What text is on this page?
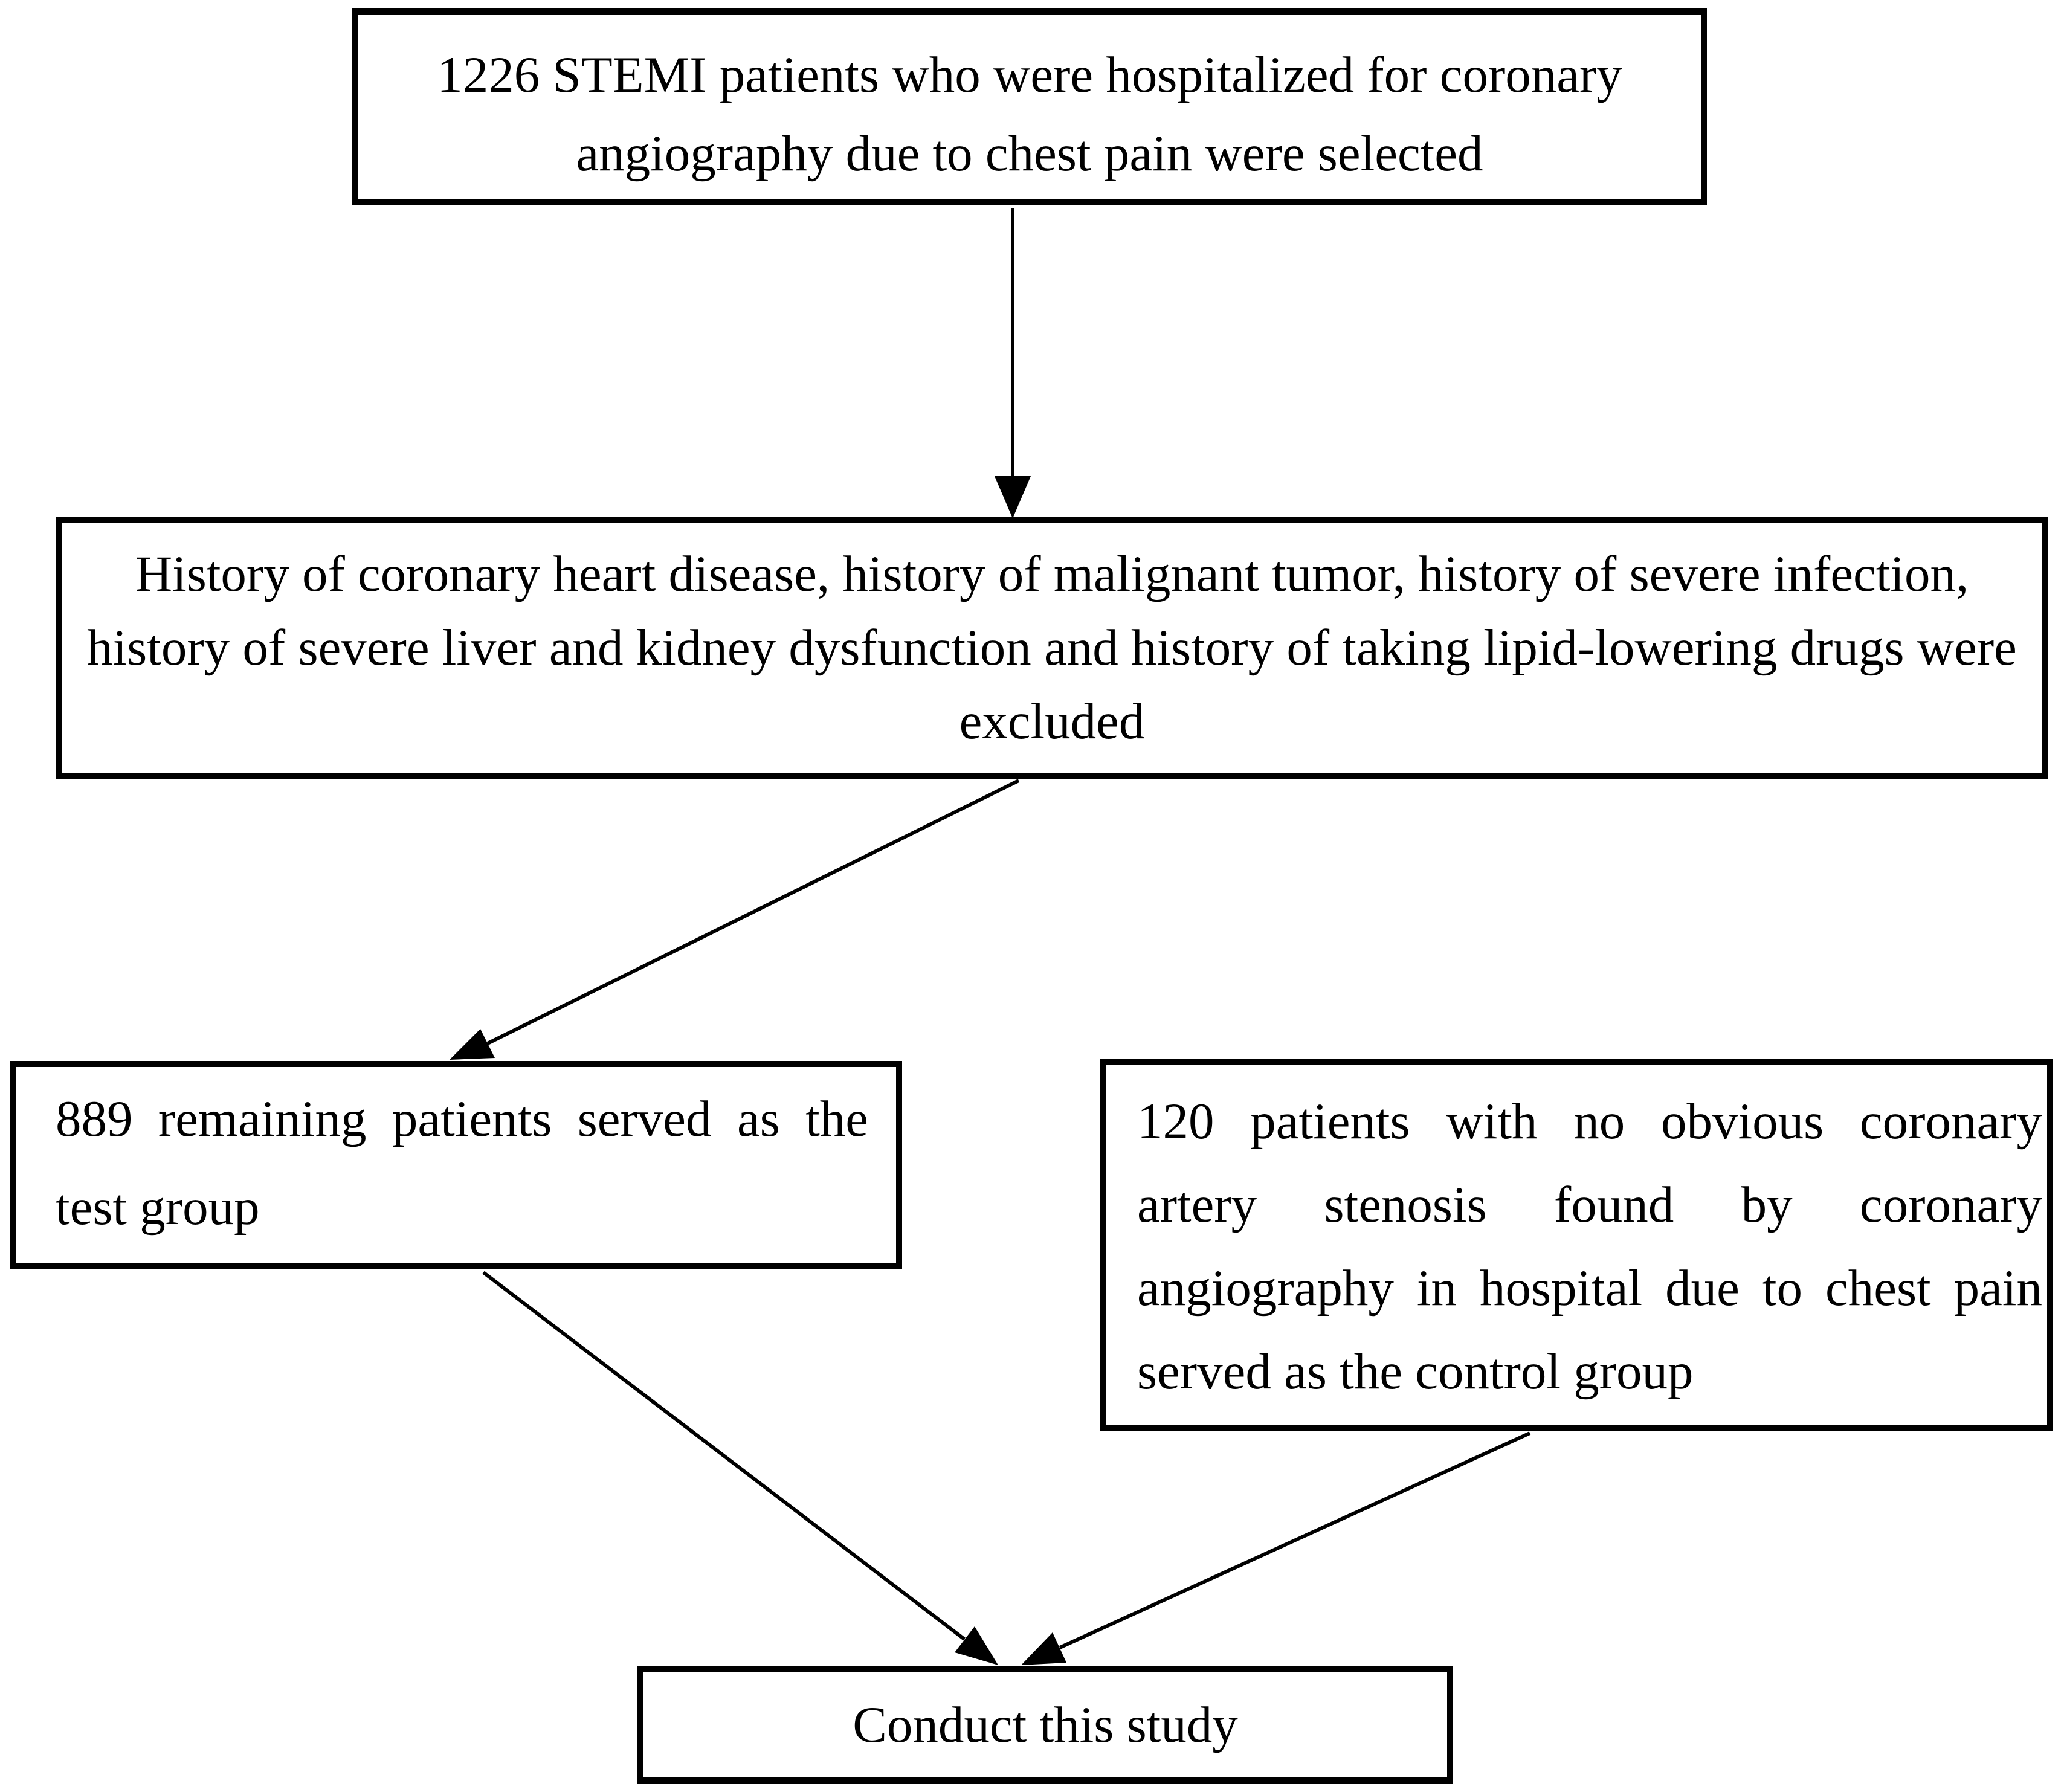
1226 STEMI patients who were hospitalized for coronary
angiography due to chest pain were selected
History of coronary heart disease, history of malignant tumor, history of severe infection,
history of severe liver and kidney dysfunction and history of taking lipid-lowering drugs were
excluded
889 remaining patients served as the
test group
120 patients with no obvious coronary
artery stenosis found by coronary
angiography in hospital due to chest pain
served as the control group
Conduct this study
